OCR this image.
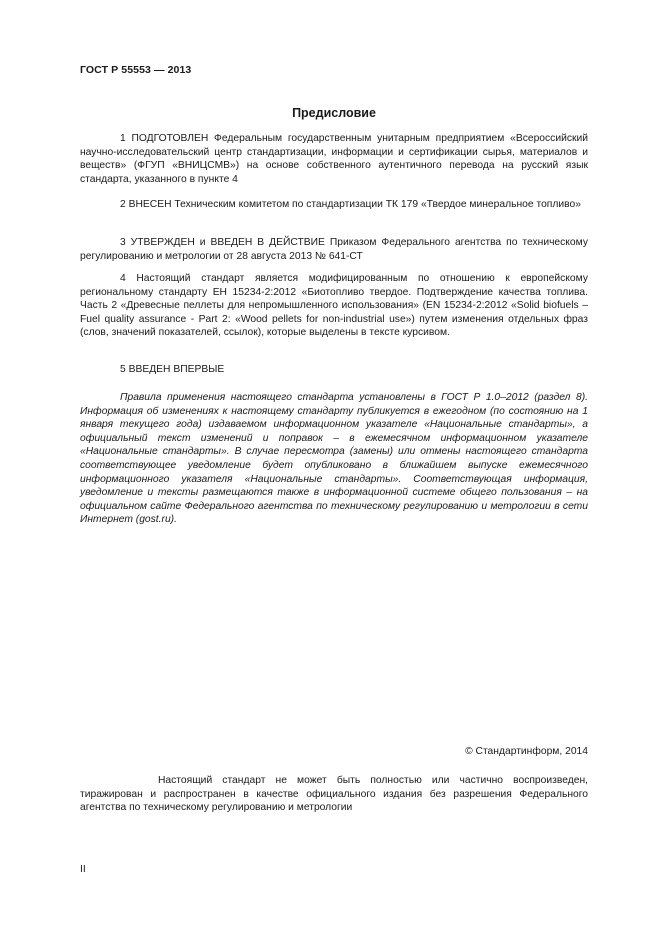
ГОСТ Р 55553 — 2013
Предисловие

1 ПОДГОТОВЛЕН Федеральным государственным унитарным предприятием «Всероссийский научно-исследовательский центр стандартизации, информации и сертификации сырья, материалов и веществ» (ФГУП «ВНИЦСМВ») на основе собственного аутентичного перевода на русский язык стандарта, указанного в пункте 4

2 ВНЕСЕН Техническим комитетом по стандартизации ТК 179 «Твердое минеральное топливо»

3 УТВЕРЖДЕН и ВВЕДЕН В ДЕЙСТВИЕ Приказом Федерального агентства по техническому регулированию и метрологии от 28 августа 2013 № 641-СТ

4 Настоящий стандарт является модифицированным по отношению к европейскому региональному стандарту ЕН 15234-2:2012 «Биотопливо твердое. Подтверждение качества топлива. Часть 2 «Древесные пеллеты для непромышленного использования» (EN 15234-2:2012 «Solid biofuels – Fuel quality assurance - Part 2: «Wood pellets for non-industrial use») путем изменения отдельных фраз (слов, значений показателей, ссылок), которые выделены в тексте курсивом.

5 ВВЕДЕН ВПЕРВЫЕ

Правила применения настоящего стандарта установлены в ГОСТ Р 1.0–2012 (раздел 8). Информация об изменениях к настоящему стандарту публикуется в ежегодном (по состоянию на 1 января текущего года) издаваемом информационном указателе «Национальные стандарты», а официальный текст изменений и поправок – в ежемесячном информационном указателе «Национальные стандарты». В случае пересмотра (замены) или отмены настоящего стандарта соответствующее уведомление будет опубликовано в ближайшем выпуске ежемесячного информационного указателя «Национальные стандарты». Соответствующая информация, уведомление и тексты размещаются также в информационной системе общего пользования – на официальном сайте Федерального агентства по техническому регулированию и метрологии в сети Интернет (gost.ru).

© Стандартинформ, 2014

Настоящий стандарт не может быть полностью или частично воспроизведен, тиражирован и распространен в качестве официального издания без разрешения Федерального агентства по техническому регулированию и метрологии

II
